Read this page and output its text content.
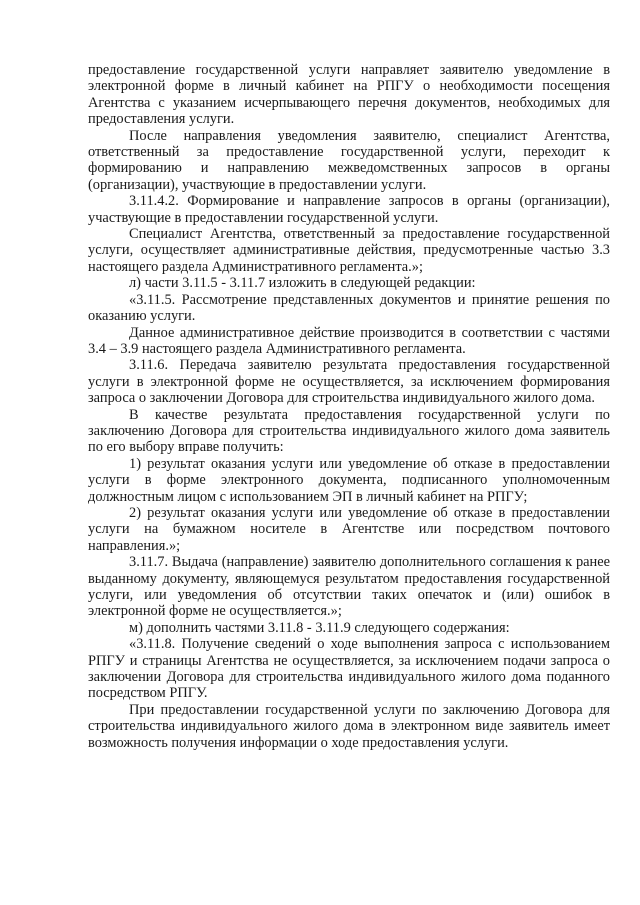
предоставление государственной услуги направляет заявителю уведомление в электронной форме в личный кабинет на РПГУ о необходимости посещения Агентства с указанием исчерпывающего перечня документов, необходимых для предоставления услуги.

После направления уведомления заявителю, специалист Агентства, ответственный за предоставление государственной услуги, переходит к формированию и направлению межведомственных запросов в органы (организации), участвующие в предоставлении услуги.

3.11.4.2. Формирование и направление запросов в органы (организации), участвующие в предоставлении государственной услуги.

Специалист Агентства, ответственный за предоставление государственной услуги, осуществляет административные действия, предусмотренные частью 3.3 настоящего раздела Административного регламента.»;

л) части 3.11.5 - 3.11.7 изложить в следующей редакции:

«3.11.5. Рассмотрение представленных документов и принятие решения по оказанию услуги.

Данное административное действие производится в соответствии с частями 3.4 – 3.9 настоящего раздела Административного регламента.

3.11.6. Передача заявителю результата предоставления государственной услуги в электронной форме не осуществляется, за исключением формирования запроса о заключении Договора для строительства индивидуального жилого дома.

В качестве результата предоставления государственной услуги по заключению Договора для строительства индивидуального жилого дома заявитель по его выбору вправе получить:

1) результат оказания услуги или уведомление об отказе в предоставлении услуги в форме электронного документа, подписанного уполномоченным должностным лицом с использованием ЭП в личный кабинет на РПГУ;

2) результат оказания услуги или уведомление об отказе в предоставлении услуги на бумажном носителе в Агентстве или посредством почтового направления.»;

3.11.7. Выдача (направление) заявителю дополнительного соглашения к ранее выданному документу, являющемуся результатом предоставления государственной услуги, или уведомления об отсутствии таких опечаток и (или) ошибок в электронной форме не осуществляется.»;

м) дополнить частями 3.11.8 - 3.11.9 следующего содержания:

«3.11.8. Получение сведений о ходе выполнения запроса с использованием РПГУ и страницы Агентства не осуществляется, за исключением подачи запроса о заключении Договора для строительства индивидуального жилого дома поданного посредством РПГУ.

При предоставлении государственной услуги по заключению Договора для строительства индивидуального жилого дома в электронном виде заявитель имеет возможность получения информации о ходе предоставления услуги.
